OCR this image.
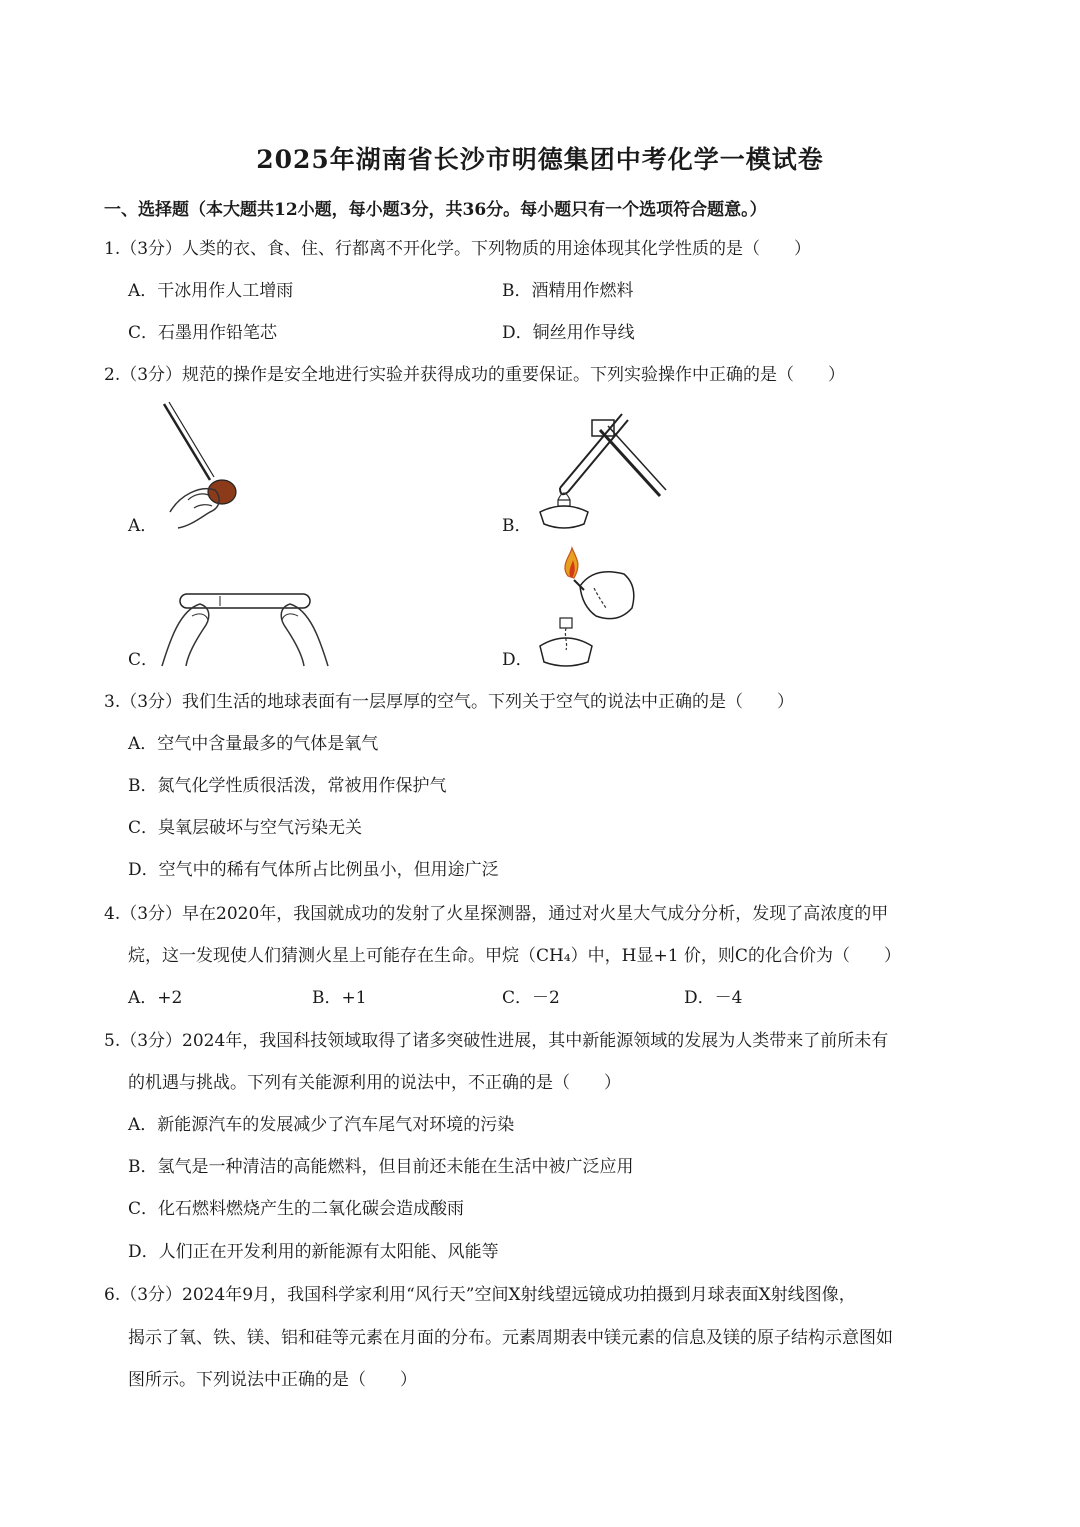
2025年湖南省长沙市明德集团中考化学一模试卷
一、选择题（本大题共12小题，每小题3分，共36分。每小题只有一个选项符合题意。）
1.（3分）人类的衣、食、住、行都离不开化学。下列物质的用途体现其化学性质的是（　　）
A．干冰用作人工增雨	B．酒精用作燃料
C．石墨用作铅笔芯	D．铜丝用作导线
2.（3分）规范的操作是安全地进行实验并获得成功的重要保证。下列实验操作中正确的是（　　）
A．	B．
C．	D．
3.（3分）我们生活的地球表面有一层厚厚的空气。下列关于空气的说法中正确的是（　　）
A．空气中含量最多的气体是氧气
B．氮气化学性质很活泼，常被用作保护气
C．臭氧层破坏与空气污染无关
D．空气中的稀有气体所占比例虽小，但用途广泛
4.（3分）早在2020年，我国就成功的发射了火星探测器，通过对火星大气成分分析，发现了高浓度的甲
烷，这一发现使人们猜测火星上可能存在生命。甲烷（CH₄）中，H显+1 价，则C的化合价为（　　）
A．+2	B．+1	C．－2	D．－4
5.（3分）2024年，我国科技领域取得了诸多突破性进展，其中新能源领域的发展为人类带来了前所未有
的机遇与挑战。下列有关能源利用的说法中，不正确的是（　　）
A．新能源汽车的发展减少了汽车尾气对环境的污染
B．氢气是一种清洁的高能燃料，但目前还未能在生活中被广泛应用
C．化石燃料燃烧产生的二氧化碳会造成酸雨
D．人们正在开发利用的新能源有太阳能、风能等
6.（3分）2024年9月，我国科学家利用“风行天”空间X射线望远镜成功拍摄到月球表面X射线图像，
揭示了氧、铁、镁、铝和硅等元素在月面的分布。元素周期表中镁元素的信息及镁的原子结构示意图如
图所示。下列说法中正确的是（　　）
